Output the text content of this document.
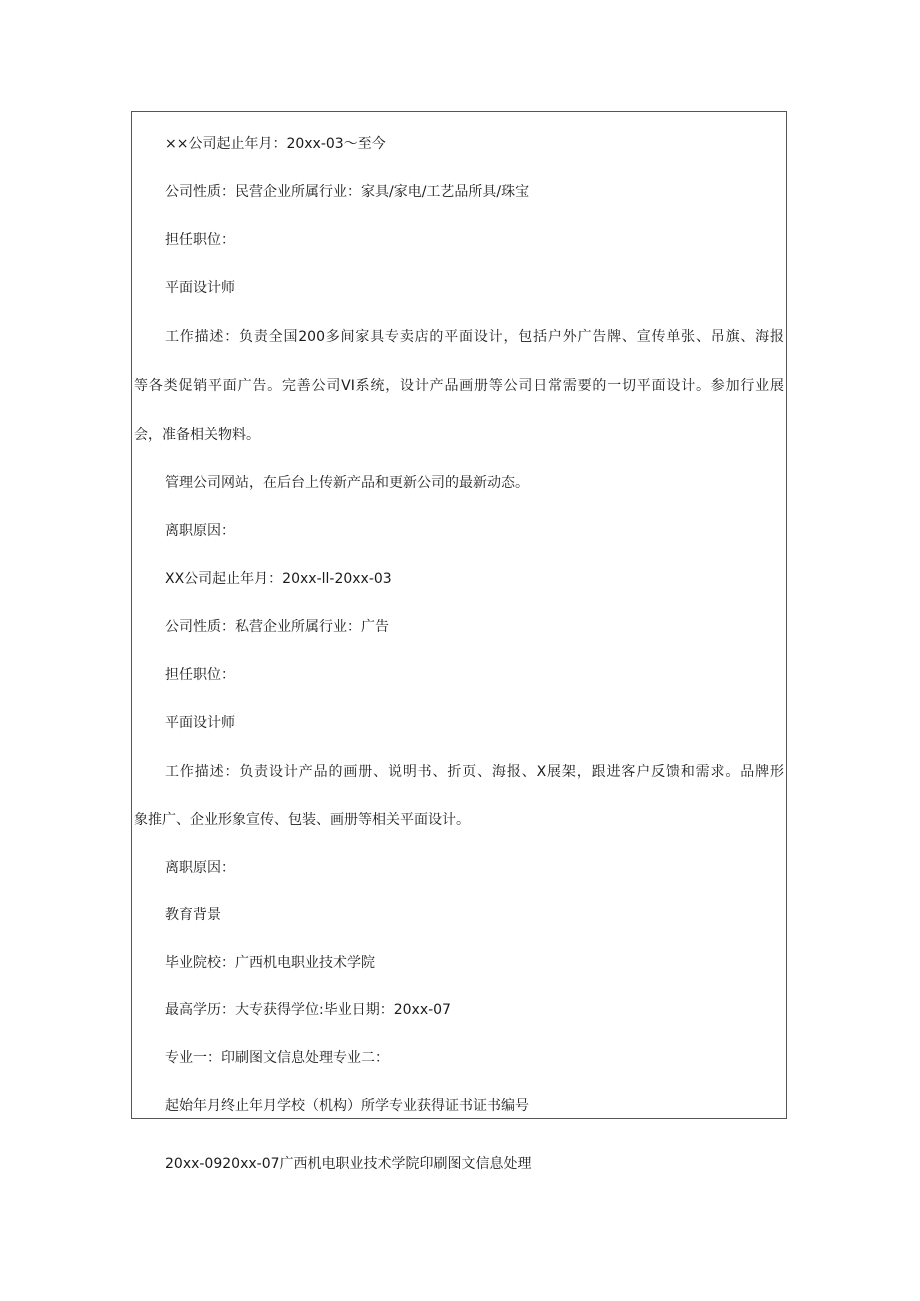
××公司起止年月：20xx-03〜至今
公司性质：民营企业所属行业：家具/家电/工艺品所具/珠宝
担任职位：
平面设计师
工作描述：负责全国200多间家具专卖店的平面设计，包括户外广告牌、宣传单张、吊旗、海报
等各类促销平面广告。完善公司VI系统，设计产品画册等公司日常需要的一切平面设计。参加行业展
会，准备相关物料。
管理公司网站，在后台上传新产品和更新公司的最新动态。
离职原因：
XX公司起止年月：20xx-ll-20xx-03
公司性质：私营企业所属行业：广告
担任职位：
平面设计师
工作描述：负责设计产品的画册、说明书、折页、海报、X展架，跟进客户反馈和需求。品牌形
象推广、企业形象宣传、包装、画册等相关平面设计。
离职原因：
教育背景
毕业院校：广西机电职业技术学院
最高学历：大专获得学位:毕业日期：20xx-07
专业一：印刷图文信息处理专业二：
起始年月终止年月学校（机构）所学专业获得证书证书编号
20xx-0920xx-07广西机电职业技术学院印刷图文信息处理
